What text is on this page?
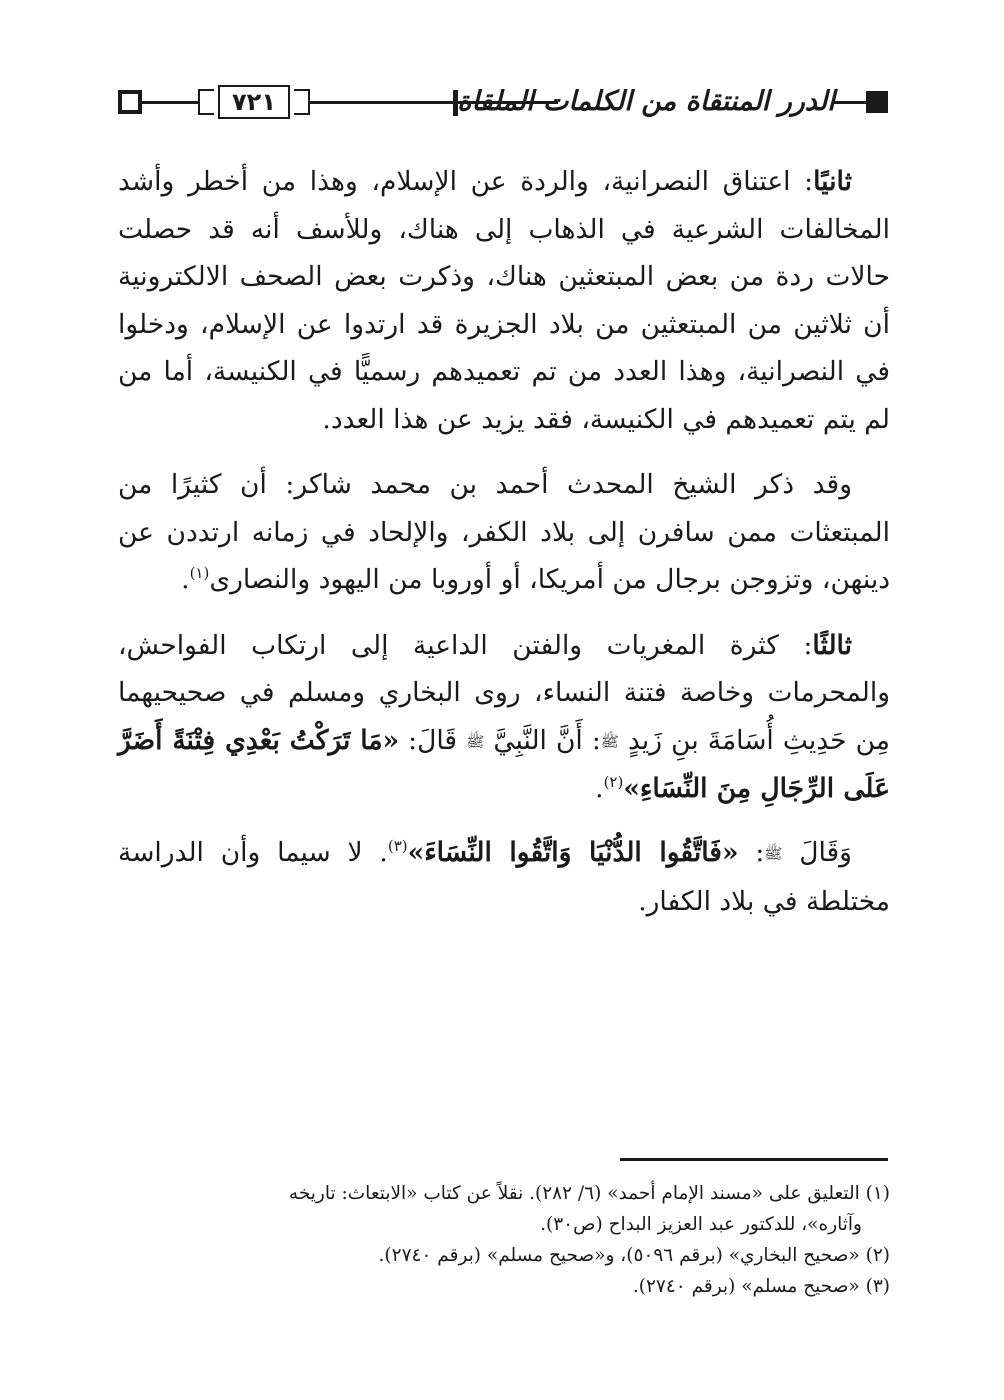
الدرر المنتقاة من الكلمات الملقاة
٧٢١

ثانيًا: اعتناق النصرانية، والردة عن الإسلام، وهذا من أخطر وأشد المخالفات الشرعية في الذهاب إلى هناك، وللأسف أنه قد حصلت حالات ردة من بعض المبتعثين هناك، وذكرت بعض الصحف الالكترونية أن ثلاثين من المبتعثين من بلاد الجزيرة قد ارتدوا عن الإسلام، ودخلوا في النصرانية، وهذا العدد من تم تعميدهم رسميًّا في الكنيسة، أما من لم يتم تعميدهم في الكنيسة، فقد يزيد عن هذا العدد.

وقد ذكر الشيخ المحدث أحمد بن محمد شاكر: أن كثيرًا من المبتعثات ممن سافرن إلى بلاد الكفر، والإلحاد في زمانه ارتددن عن دينهن، وتزوجن برجال من أمريكا، أو أوروبا من اليهود والنصارى$^{(١)}$.

ثالثًا: كثرة المغريات والفتن الداعية إلى ارتكاب الفواحش، والمحرمات وخاصة فتنة النساء، روى البخاري ومسلم في صحيحيهما مِن حَدِيثِ أُسَامَةَ بنِ زَيدٍ ﷺ: أَنَّ النَّبِيَّ ﷺ قَالَ: «مَا تَرَكْتُ بَعْدِي فِتْنَةً أَضَرَّ عَلَى الرِّجَالِ مِنَ النِّسَاءِ»$^{(٢)}$.

وَقَالَ ﷺ: «فَاتَّقُوا الدُّنْيَا وَاتَّقُوا النِّسَاءَ»$^{(٣)}$. لا سيما وأن الدراسة مختلطة في بلاد الكفار.

(١) التعليق على «مسند الإمام أحمد» (٦/ ٢٨٢). نقلاً عن كتاب «الابتعاث: تاريخه

وآثاره»، للدكتور عبد العزيز البداح (ص٣٠).

(٢) «صحيح البخاري» (برقم ٥٠٩٦)، و«صحيح مسلم» (برقم ٢٧٤٠).

(٣) «صحيح مسلم» (برقم ٢٧٤٠).
